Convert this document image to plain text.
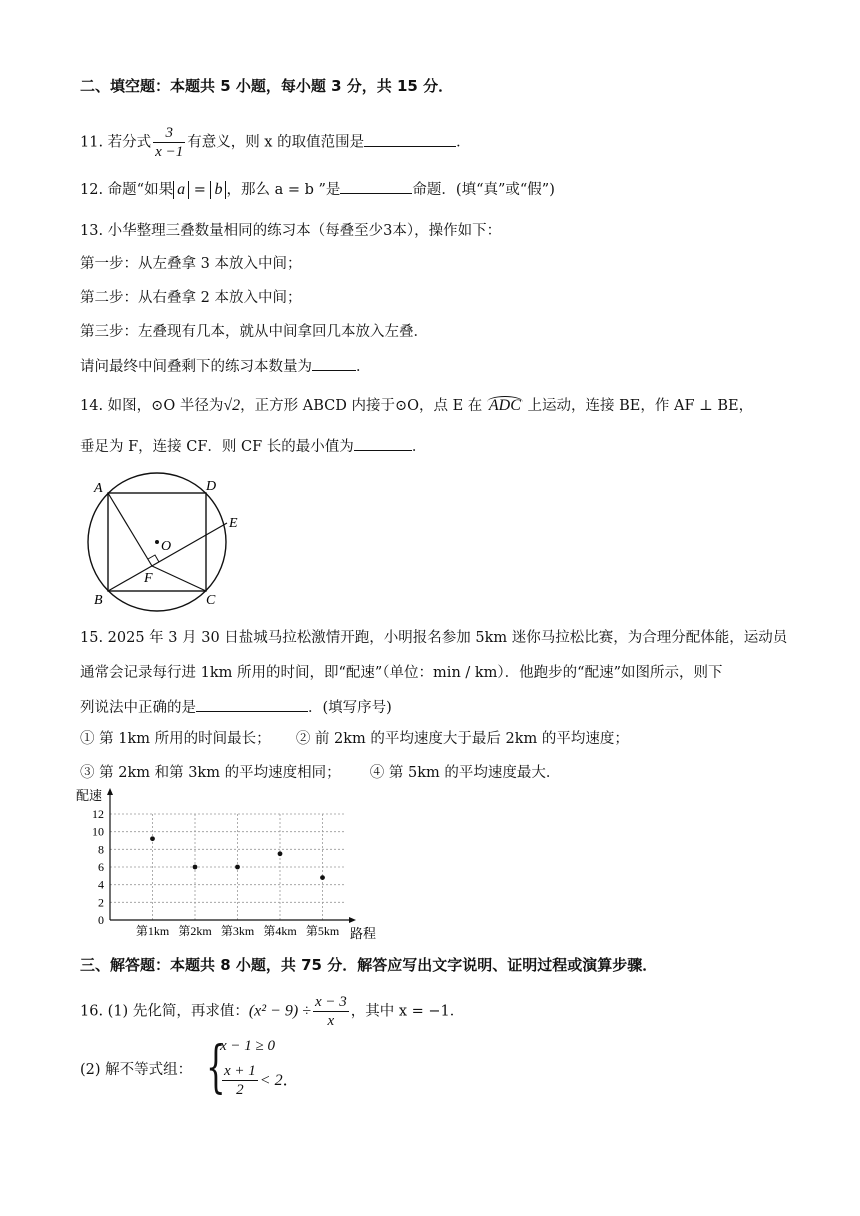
二、填空题：本题共 5 小题，每小题 3 分，共 15 分．
11. 若分式 $\frac{3}{x -1}$ 有意义，则 x 的取值范围是	．
12. 命题“如果 a = b ，那么 a = b ”是	命题．(填“真”或“假”)
13. 小华整理三叠数量相同的练习本（每叠至少3本），操作如下：
第一步：从左叠拿 3 本放入中间；
第二步：从右叠拿 2 本放入中间；
第三步：左叠现有几本，就从中间拿回几本放入左叠．
请问最终中间叠剩下的练习本数量为	．
14. 如图，⊙O 半径为√2，正方形 ABCD 内接于⊙O，点 E 在 ADC 上运动，连接 BE，作 AF ⊥ BE，
垂足为 F，连接 CF．则 CF 长的最小值为	．
A	D
E
O
F
B	C
15. 2025 年 3 月 30 日盐城马拉松激情开跑，小明报名参加 5km 迷你马拉松比赛，为合理分配体能，运动员
通常会记录每行进 1km 所用的时间，即“配速”（单位：min / km）．他跑步的“配速”如图所示，则下
列说法中正确的是	．(填写序号)
① 第 1km 所用的时间最长； ② 前 2km 的平均速度大于最后 2km 的平均速度；
③ 第 2km 和第 3km 的平均速度相同； ④ 第 5km 的平均速度最大．
0
2
4
6
8
10
12
第1km 第2km 第3km 第4km 第5km
配速
路程
三、解答题：本题共 8 小题，共 75 分．解答应写出文字说明、证明过程或演算步骤．
16. (1) 先化简，再求值：$(x^2 - 9) \div \frac{x - 3}{x}$ ，其中 x = −1．
(2) 解不等式组： {
x − 1 ≥ 0
$\frac{x + 1}{2} < 2$．
